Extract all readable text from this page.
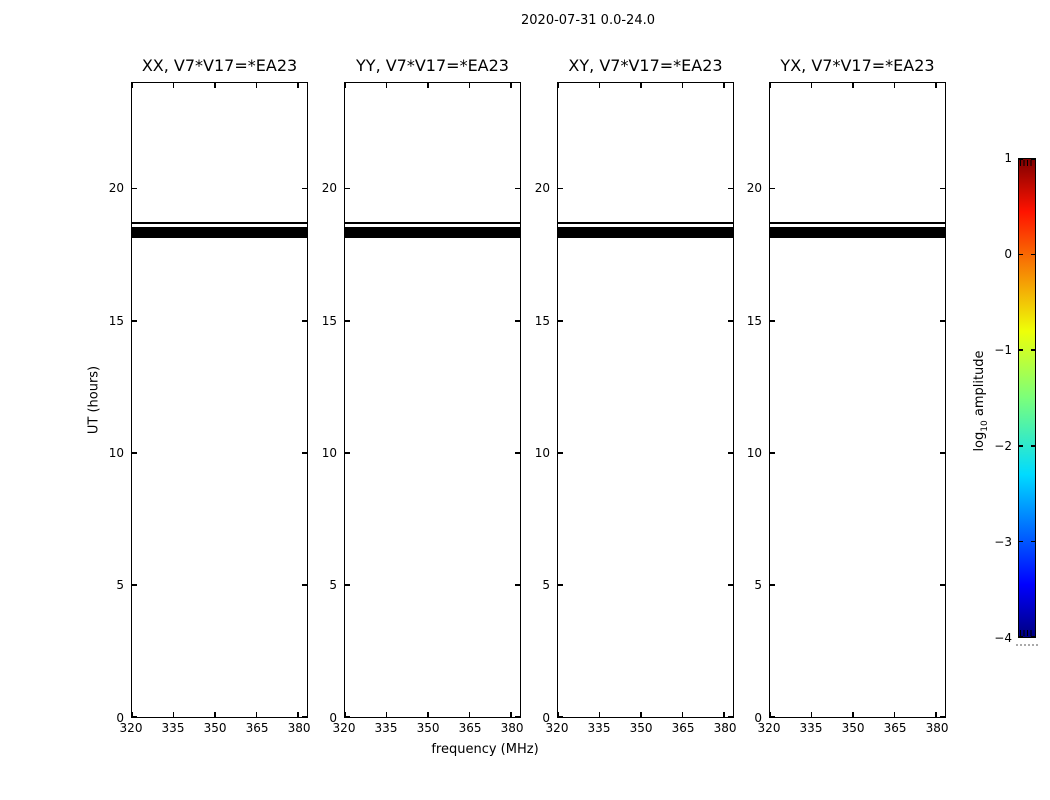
2020-07-31 0.0-24.0
UT (hours)
frequency (MHz)
XX, V7*V17=*EA23
320 335 350 365 380
0
5
10
15
20
YY, V7*V17=*EA23
320 335 350 365 380
0
5
10
15
20
XY, V7*V17=*EA23
320 335 350 365 380
0
5
10
15
20
YX, V7*V17=*EA23
320 335 350 365 380
0
5
10
15
20
$\log_{10}$ amplitude
1
0
−1
−2
−3
−4
